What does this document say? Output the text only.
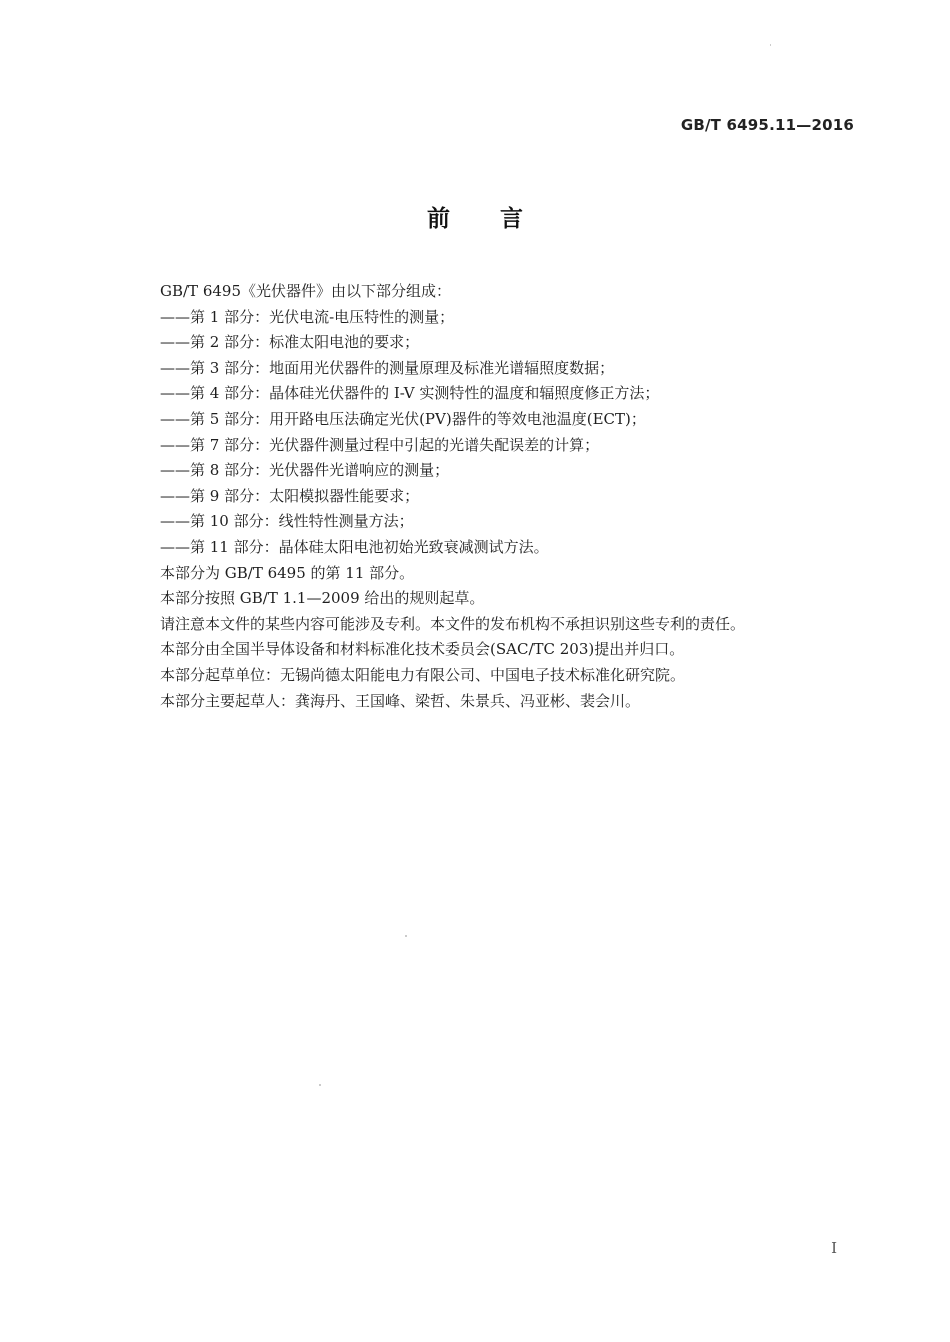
GB/T 6495.11—2016
前 言
GB/T 6495《光伏器件》由以下部分组成：
——第 1 部分：光伏电流-电压特性的测量；
——第 2 部分：标准太阳电池的要求；
——第 3 部分：地面用光伏器件的测量原理及标准光谱辐照度数据；
——第 4 部分：晶体硅光伏器件的 I-V 实测特性的温度和辐照度修正方法；
——第 5 部分：用开路电压法确定光伏(PV)器件的等效电池温度(ECT)；
——第 7 部分：光伏器件测量过程中引起的光谱失配误差的计算；
——第 8 部分：光伏器件光谱响应的测量；
——第 9 部分：太阳模拟器性能要求；
——第 10 部分：线性特性测量方法；
——第 11 部分：晶体硅太阳电池初始光致衰减测试方法。
本部分为 GB/T 6495 的第 11 部分。
本部分按照 GB/T 1.1—2009 给出的规则起草。
请注意本文件的某些内容可能涉及专利。本文件的发布机构不承担识别这些专利的责任。
本部分由全国半导体设备和材料标准化技术委员会(SAC/TC 203)提出并归口。
本部分起草单位：无锡尚德太阳能电力有限公司、中国电子技术标准化研究院。
本部分主要起草人：龚海丹、王国峰、梁哲、朱景兵、冯亚彬、裴会川。
I
